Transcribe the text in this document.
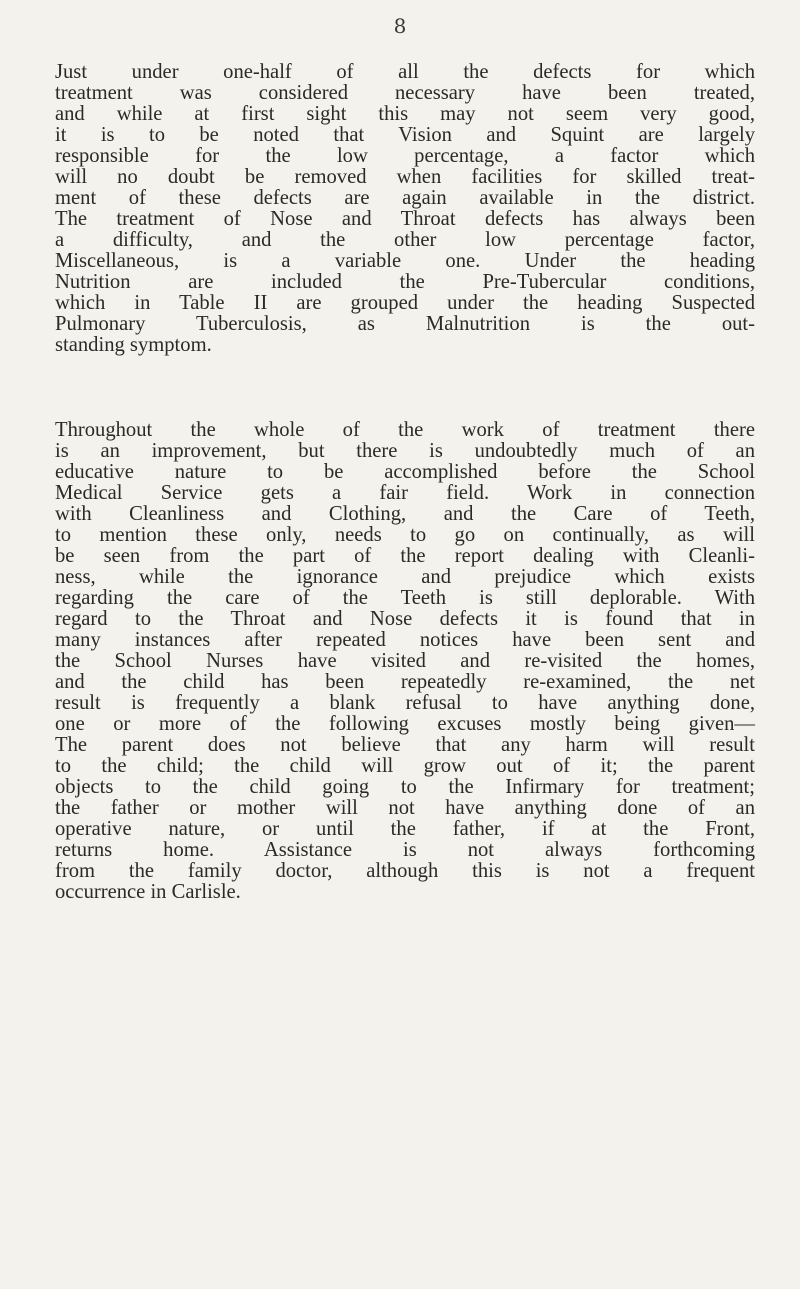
8
Just under one-half of all the defects for which
treatment was considered necessary have been treated,
and while at first sight this may not seem very good,
it is to be noted that Vision and Squint are largely
responsible for the low percentage, a factor which
will no doubt be removed when facilities for skilled treat-
ment of these defects are again available in the district.
The treatment of Nose and Throat defects has always been
a difficulty, and the other low percentage factor,
Miscellaneous, is a variable one. Under the heading
Nutrition are included the Pre-Tubercular conditions,
which in Table II are grouped under the heading Suspected
Pulmonary Tuberculosis, as Malnutrition is the out-
standing symptom.
Throughout the whole of the work of treatment there
is an improvement, but there is undoubtedly much of an
educative nature to be accomplished before the School
Medical Service gets a fair field. Work in connection
with Cleanliness and Clothing, and the Care of Teeth,
to mention these only, needs to go on continually, as will
be seen from the part of the report dealing with Cleanli-
ness, while the ignorance and prejudice which exists
regarding the care of the Teeth is still deplorable. With
regard to the Throat and Nose defects it is found that in
many instances after repeated notices have been sent and
the School Nurses have visited and re-visited the homes,
and the child has been repeatedly re-examined, the net
result is frequently a blank refusal to have anything done,
one or more of the following excuses mostly being given—
The parent does not believe that any harm will result
to the child; the child will grow out of it; the parent
objects to the child going to the Infirmary for treatment;
the father or mother will not have anything done of an
operative nature, or until the father, if at the Front,
returns home. Assistance is not always forthcoming
from the family doctor, although this is not a frequent
occurrence in Carlisle.
